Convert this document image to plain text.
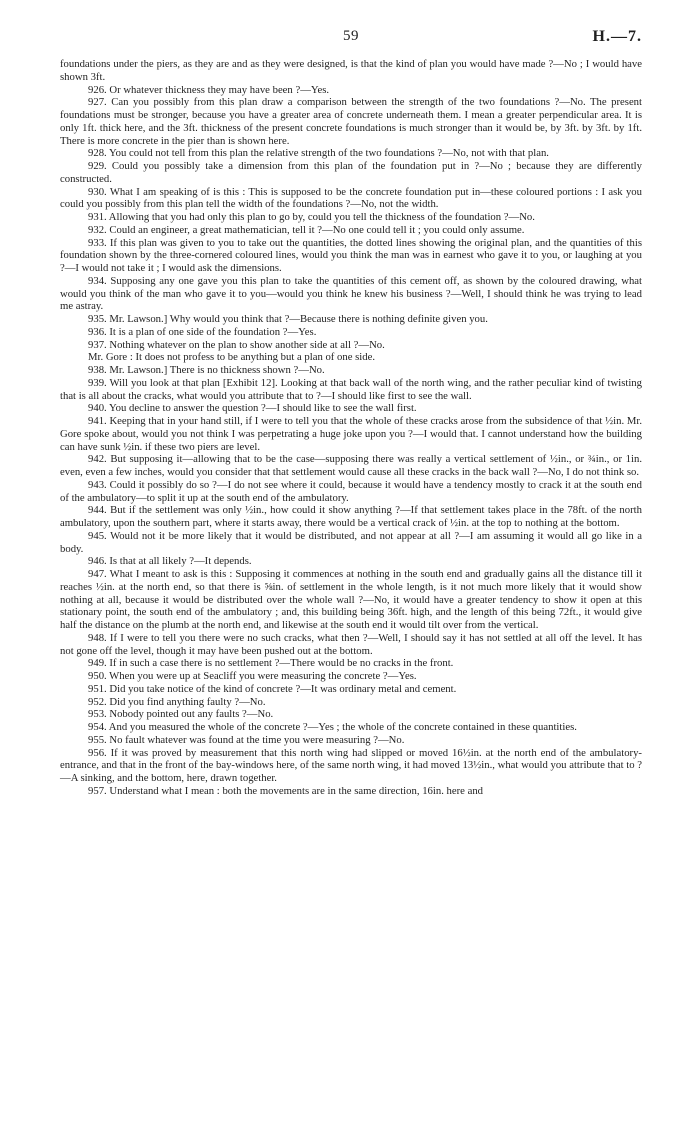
59	H.—7.

foundations under the piers, as they are and as they were designed, is that the kind of plan you would have made ?—No ; I would have shown 3ft.

926. Or whatever thickness they may have been ?—Yes.

927. Can you possibly from this plan draw a comparison between the strength of the two foundations ?—No. The present foundations must be stronger, because you have a greater area of concrete underneath them. I mean a greater perpendicular area. It is only 1ft. thick here, and the 3ft. thickness of the present concrete foundations is much stronger than it would be, by 3ft. by 3ft. by 1ft. There is more concrete in the pier than is shown here.

928. You could not tell from this plan the relative strength of the two foundations ?—No, not with that plan.

929. Could you possibly take a dimension from this plan of the foundation put in ?—No ; because they are differently constructed.

930. What I am speaking of is this : This is supposed to be the concrete foundation put in—these coloured portions : I ask you could you possibly from this plan tell the width of the foundations ?—No, not the width.

931. Allowing that you had only this plan to go by, could you tell the thickness of the foundation ?—No.

932. Could an engineer, a great mathematician, tell it ?—No one could tell it ; you could only assume.

933. If this plan was given to you to take out the quantities, the dotted lines showing the original plan, and the quantities of this foundation shown by the three-cornered coloured lines, would you think the man was in earnest who gave it to you, or laughing at you ?—I would not take it ; I would ask the dimensions.

934. Supposing any one gave you this plan to take the quantities of this cement off, as shown by the coloured drawing, what would you think of the man who gave it to you—would you think he knew his business ?—Well, I should think he was trying to lead me astray.

935. Mr. Lawson.] Why would you think that ?—Because there is nothing definite given you.

936. It is a plan of one side of the foundation ?—Yes.

937. Nothing whatever on the plan to show another side at all ?—No.

Mr. Gore : It does not profess to be anything but a plan of one side.

938. Mr. Lawson.] There is no thickness shown ?—No.

939. Will you look at that plan [Exhibit 12]. Looking at that back wall of the north wing, and the rather peculiar kind of twisting that is all about the cracks, what would you attribute that to ?—I should like first to see the wall.

940. You decline to answer the question ?—I should like to see the wall first.

941. Keeping that in your hand still, if I were to tell you that the whole of these cracks arose from the subsidence of that ½in. Mr. Gore spoke about, would you not think I was perpetrating a huge joke upon you ?—I would that. I cannot understand how the building can have sunk ½in. if these two piers are level.

942. But supposing it—allowing that to be the case—supposing there was really a vertical settlement of ½in., or ¾in., or 1in. even, even a few inches, would you consider that that settlement would cause all these cracks in the back wall ?—No, I do not think so.

943. Could it possibly do so ?—I do not see where it could, because it would have a tendency mostly to crack it at the south end of the ambulatory—to split it up at the south end of the ambulatory.

944. But if the settlement was only ½in., how could it show anything ?—If that settlement takes place in the 78ft. of the north ambulatory, upon the southern part, where it starts away, there would be a vertical crack of ½in. at the top to nothing at the bottom.

945. Would not it be more likely that it would be distributed, and not appear at all ?—I am assuming it would all go like in a body.

946. Is that at all likely ?—It depends.

947. What I meant to ask is this : Supposing it commences at nothing in the south end and gradually gains all the distance till it reaches ½in. at the north end, so that there is ⅝in. of settlement in the whole length, is it not much more likely that it would show nothing at all, because it would be distributed over the whole wall ?—No, it would have a greater tendency to show it open at this stationary point, the south end of the ambulatory ; and, this building being 36ft. high, and the length of this being 72ft., it would give half the distance on the plumb at the north end, and likewise at the south end it would tilt over from the vertical.

948. If I were to tell you there were no such cracks, what then ?—Well, I should say it has not settled at all off the level. It has not gone off the level, though it may have been pushed out at the bottom.

949. If in such a case there is no settlement ?—There would be no cracks in the front.

950. When you were up at Seacliff you were measuring the concrete ?—Yes.

951. Did you take notice of the kind of concrete ?—It was ordinary metal and cement.

952. Did you find anything faulty ?—No.

953. Nobody pointed out any faults ?—No.

954. And you measured the whole of the concrete ?—Yes ; the whole of the concrete contained in these quantities.

955. No fault whatever was found at the time you were measuring ?—No.

956. If it was proved by measurement that this north wing had slipped or moved 16½in. at the north end of the ambulatory-entrance, and that in the front of the bay-windows here, of the same north wing, it had moved 13½in., what would you attribute that to ?—A sinking, and the bottom, here, drawn together.

957. Understand what I mean : both the movements are in the same direction, 16in. here and
